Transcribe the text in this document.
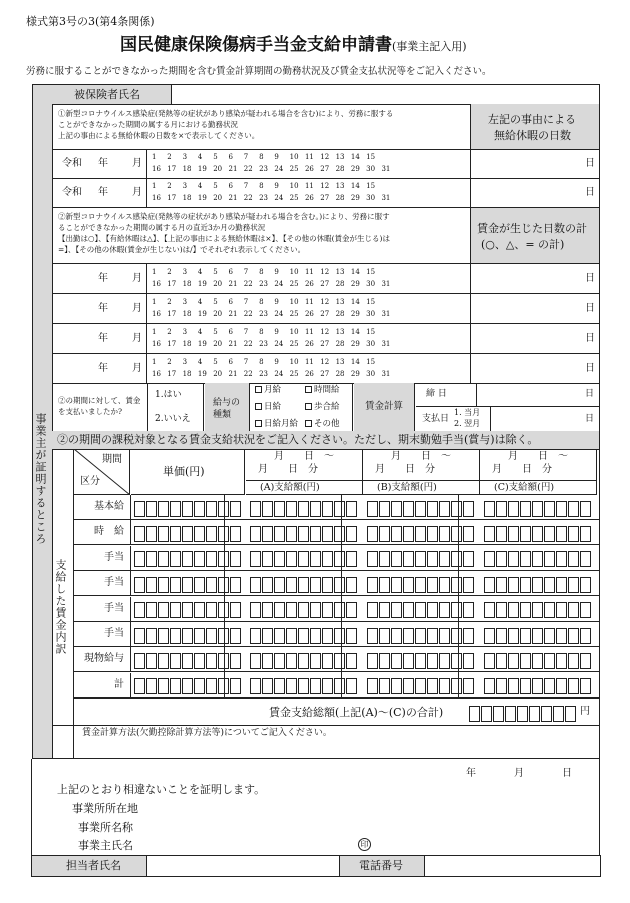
様式第3号の3(第4条関係)
国民健康保険傷病手当金支給申請書(事業主記入用)
労務に服することができなかった期間を含む賃金計算期間の勤務状況及び賃金支払状況等をご記入ください。
事業主が証明するところ
被保険者氏名
①新型コロナウイルス感染症(発熱等の症状があり感染が疑われる場合を含む)により、労務に服する
ことができなかった期間の属する月における勤務状況
上記の事由による無給休暇の日数を×で表示してください。
左記の事由による
無給休暇の日数
令和 年 月
1 2 3 4 5 6 7 8 9 10 11 12 13 14 15
16 17 18 19 20 21 22 23 24 25 26 27 28 29 30 31	日
令和 年 月
1 2 3 4 5 6 7 8 9 10 11 12 13 14 15
16 17 18 19 20 21 22 23 24 25 26 27 28 29 30 31	日
②新型コロナウイルス感染症(発熱等の症状があり感染が疑われる場合を含む。)により、労務に服す
ることができなかった期間の属する月の直近3か月の勤務状況
【出勤は○】、【有給休暇は△】、【上記の事由による無給休暇は×】、【その他の休暇(賃金が生じる)は
=】、【その他の休暇(賃金が生じない)は/】でそれぞれ表示してください。
賃金が生じた日数の計
(○、△、= の計)
年 月
1 2 3 4 5 6 7 8 9 10 11 12 13 14 15
16 17 18 19 20 21 22 23 24 25 26 27 28 29 30 31	日
年 月
1 2 3 4 5 6 7 8 9 10 11 12 13 14 15
16 17 18 19 20 21 22 23 24 25 26 27 28 29 30 31	日
年 月
1 2 3 4 5 6 7 8 9 10 11 12 13 14 15
16 17 18 19 20 21 22 23 24 25 26 27 28 29 30 31	日
年 月
1 2 3 4 5 6 7 8 9 10 11 12 13 14 15
16 17 18 19 20 21 22 23 24 25 26 27 28 29 30 31	日
②の期間に対して、賃金を支払いましたか?
1.はい
2.いいえ
給与の種類
月給	時間給
日給	歩合給
日給月給	その他
賃金計算
締 日	日
支払日
1. 当月
2. 翌月	日
②の期間の課税対象となる賃金支給状況をご記入ください。ただし、期末勤勉手当(賞与)は除く。
支給した賃金内訳
期間
区分
単価(円)
月　　日　～
月　　日　分
(A)支給額(円)
月　　日　～
月　　日　分
(B)支給額(円)
月　　日　～
月　　日　分
(C)支給額(円)
基本給
時　給
手当
手当
手当
手当
現物給与
計
賃金支給総額(上記(A)～(C)の合計)	円
賃金計算方法(欠勤控除計算方法等)についてご記入ください。
年	月	日
上記のとおり相違ないことを証明します。
事業所所在地
事業所名称
事業主氏名	印
担当者氏名	電話番号
